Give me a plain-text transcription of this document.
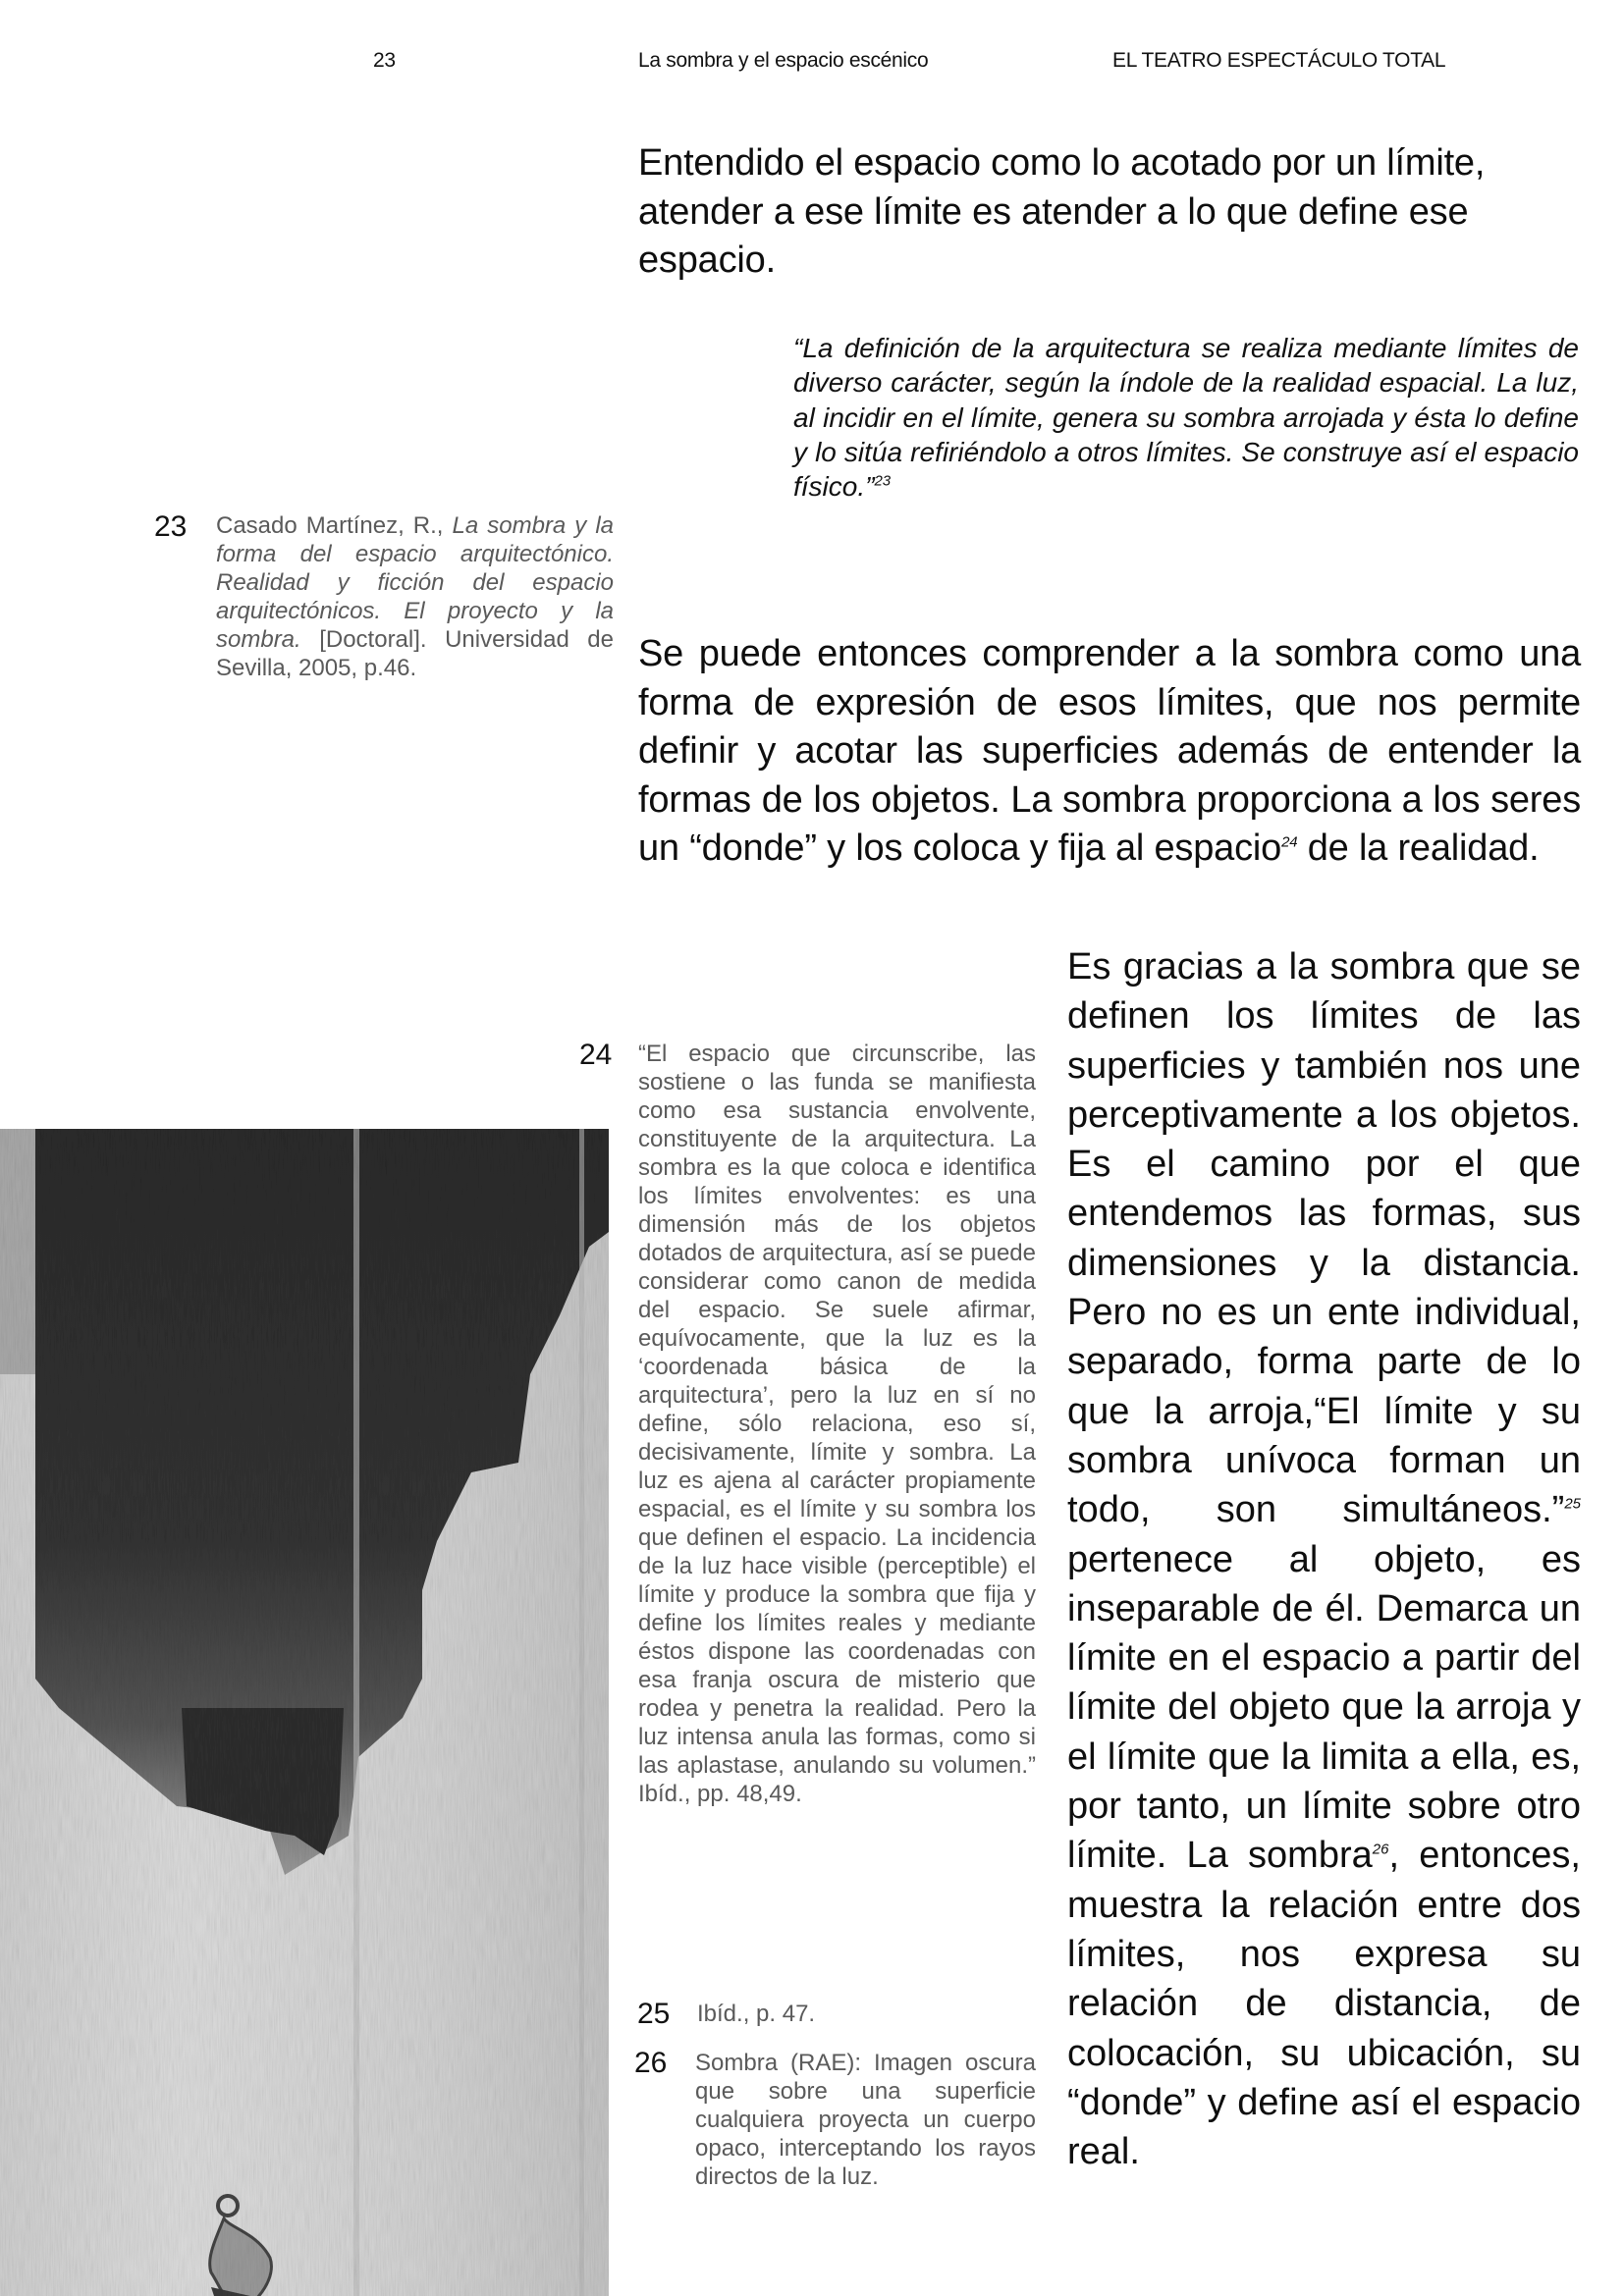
23	La sombra y el espacio escénico	EL TEATRO ESPECTÁCULO TOTAL
Entendido el espacio como lo acotado por un límite, atender a ese límite es atender a lo que define ese espacio.
“La definición de la arquitectura se realiza mediante límites de diverso carácter, según la índole de la realidad espacial. La luz, al incidir en el límite, genera su sombra arrojada y ésta lo define y lo sitúa refiriéndolo a otros límites. Se construye así el espacio físico.”$^{23}$
Se puede entonces comprender a la sombra como una forma de expresión de esos límites, que nos permite definir y acotar las superficies además de entender la formas de los objetos. La sombra proporciona a los seres un “donde” y los coloca y fija al espacio$^{24}$ de la realidad.
Es gracias a la sombra que se definen los límites de las superficies y también nos une perceptivamente a los objetos. Es el camino por el que entendemos las formas, sus dimensiones y la distancia. Pero no es un ente individual, separado, forma parte de lo que la arroja,“El límite y su sombra unívoca forman un todo, son simultáneos.”$^{25}$ pertenece al objeto, es inseparable de él. Demarca un límite en el espacio a partir del límite del objeto que la arroja y el límite que la limita a ella, es, por tanto, un límite sobre otro límite. La sombra$^{26}$, entonces, muestra la relación entre dos límites, nos expresa su relación de distancia, de colocación, su ubicación, su “donde” y define así el espacio real.
23 Casado Martínez, R., La sombra y la forma del espacio arquitectónico. Realidad y ficción del espacio arquitectónicos. El proyecto y la sombra. [Doctoral]. Universidad de Sevilla, 2005, p.46.
24 “El espacio que circunscribe, las sostiene o las funda se manifiesta como esa sustancia envolvente, constituyente de la arquitectura. La sombra es la que coloca e identifica los límites envolventes: es una dimensión más de los objetos dotados de arquitectura, así se puede considerar como canon de medida del espacio. Se suele afirmar, equívocamente, que la luz es la ‘coordenada básica de la arquitectura’, pero la luz en sí no define, sólo relaciona, eso sí, decisivamente, límite y sombra. La luz es ajena al carácter propiamente espacial, es el límite y su sombra los que definen el espacio. La incidencia de la luz hace visible (perceptible) el límite y produce la sombra que fija y define los límites reales y mediante éstos dispone las coordenadas con esa franja oscura de misterio que rodea y penetra la realidad. Pero la luz intensa anula las formas, como si las aplastase, anulando su volumen.” Ibíd., pp. 48,49.
25 Ibíd., p. 47.
26 Sombra (RAE): Imagen oscura que sobre una superficie cualquiera proyecta un cuerpo opaco, interceptando los rayos directos de la luz.
